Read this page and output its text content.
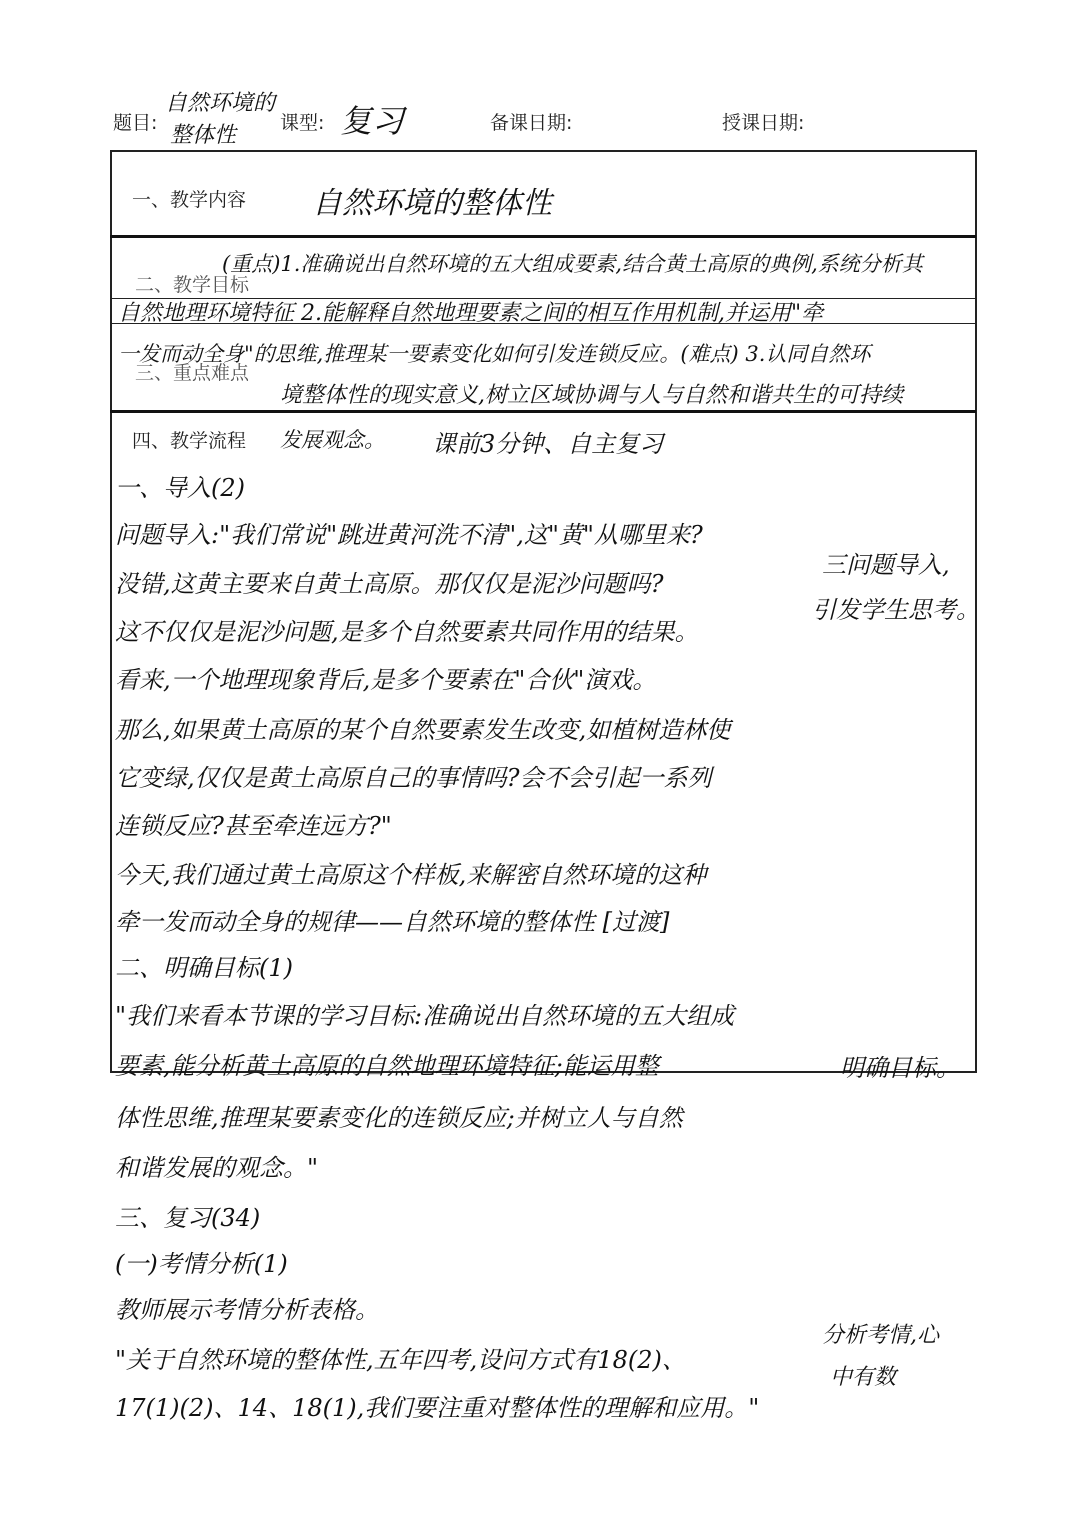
题目:
自然环境的
整体性 课型: 复习	备课日期:	授课日期:
一、教学内容 自然环境的整体性
二、教学目标
三、重点难点
(重点)1.准确说出自然环境的五大组成要素,结合黄土高原的典例,系统分析其
自然地理环境特征 2.能解释自然地理要素之间的相互作用机制,并运用"牵
一发而动全身"的思维,推理某一要素变化如何引发连锁反应。(难点) 3.认同自然环
境整体性的现实意义,树立区域协调与人与自然和谐共生的可持续
四、教学流程 发展观念。 课前3分钟、自主复习
一、导入(2)
问题导入:"我们常说"跳进黄河洗不清",这"黄"从哪里来?
没错,这黄主要来自黄土高原。那仅仅是泥沙问题吗?
这不仅仅是泥沙问题,是多个自然要素共同作用的结果。
看来,一个地理现象背后,是多个要素在"合伙"演戏。
那么,如果黄土高原的某个自然要素发生改变,如植树造林使
它变绿,仅仅是黄土高原自己的事情吗?会不会引起一系列
连锁反应?甚至牵连远方?"
今天,我们通过黄土高原这个样板,来解密自然环境的这种
牵一发而动全身的规律——自然环境的整体性 [过渡]
二、明确目标(1)
"我们来看本节课的学习目标:准确说出自然环境的五大组成
要素,能分析黄土高原的自然地理环境特征;能运用整
体性思维,推理某要素变化的连锁反应;并树立人与自然
和谐发展的观念。"
三、复习(34)
(一)考情分析(1)
教师展示考情分析表格。
"关于自然环境的整体性,五年四考,设问方式有18(2)、
17(1)(2)、14、18(1),我们要注重对整体性的理解和应用。"
三问题导入,
引发学生思考。
明确目标。
分析考情,心
中有数
